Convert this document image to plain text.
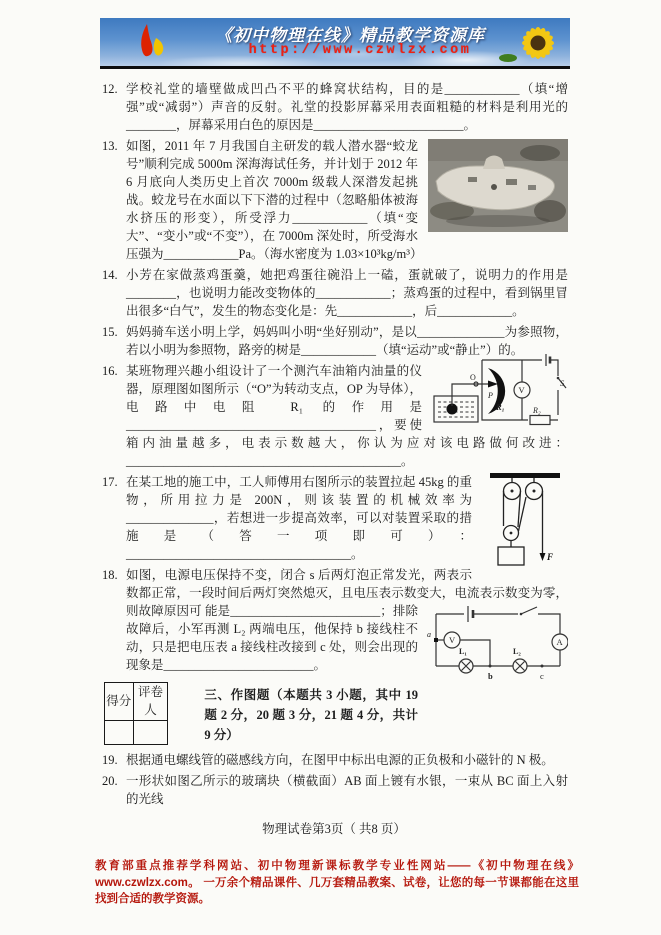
《初中物理在线》精品教学资源库
http://www.czwlzx.com
12. 学校礼堂的墙壁做成凹凸不平的蜂窝状结构，目的是____________（填“增强”或“减弱”）声音的反射。礼堂的投影屏幕采用表面粗糙的材料是利用光的________，屏幕采用白色的原因是________________________。
13. 如图，2011 年 7 月我国自主研发的载人潜水器“蛟龙号”顺利完成 5000m 深海海试任务，并计划于 2012 年 6 月底向人类历史上首次 7000m 级载人深潜发起挑战。蛟龙号在水面以下下潜的过程中（忽略船体被海水挤压的形变），所受浮力____________（填“变大”、“变小”或“不变”），在 7000m 深处时，所受海水压强为____________Pa。（海水密度为 1.03×10³kg/m³）
14. 小芳在家做蒸鸡蛋羹，她把鸡蛋往碗沿上一磕，蛋就破了，说明力的作用是________，也说明力能改变物体的____________；蒸鸡蛋的过程中，看到锅里冒出很多“白气”，发生的物态变化是：先____________，后____________。
15. 妈妈骑车送小明上学，妈妈叫小明“坐好别动”，是以______________为参照物，若以小明为参照物，路旁的树是____________（填“运动”或“静止”）的。
16.	O
P
R₁
V
S
R₂
某班物理兴趣小组设计了一个测汽车油箱内油量的仪器，原理图如图所示（“O”为转动支点，OP 为导体），电路中电阻 R₁ 的作用是________________________________________，要使箱内油量越多，电表示数越大，你认为应对该电路做何改进：____________________________________________。
17.
F
在某工地的施工中，工人师傅用右图所示的装置拉起 45kg 的重物，所用拉力是 200N，则该装置的机械效率为______________，若想进一步提高效率，可以对装置采取的措施是（答一项即可）：____________________________________。
18. 如图，电源电压保持不变，闭合 s 后两灯泡正常发光，两表示数都正常，一段时间后两灯突然熄灭，且电压表示数变大，电流表示数变为零，则故障原因可
a
V	A
L₁	L₂
b	c
能是________________________；排除故障后，小军再测 L₂ 两端电压，他保持 b 接线柱不动，只是把电压表 a 接线柱改接到 c 处，则会出现的现象是________________________。
得分	评卷人

三、作图题（本题共 3 小题，其中 19 题 2 分，20 题 3 分，21 题 4 分，共计 9 分）
19. 根据通电螺线管的磁感线方向，在图甲中标出电源的正负极和小磁针的 N 极。
20. 一形状如图乙所示的玻璃块（横截面）AB 面上镀有水银，一束从 BC 面上入射的光线
物理试卷第3页（ 共8 页）
教育部重点推荐学科网站、初中物理新课标教学专业性网站——《初中物理在线》www.czwlzx.com。 一万余个精品课件、几万套精品教案、试卷，让您的每一节课都能在这里找到合适的教学资源。
